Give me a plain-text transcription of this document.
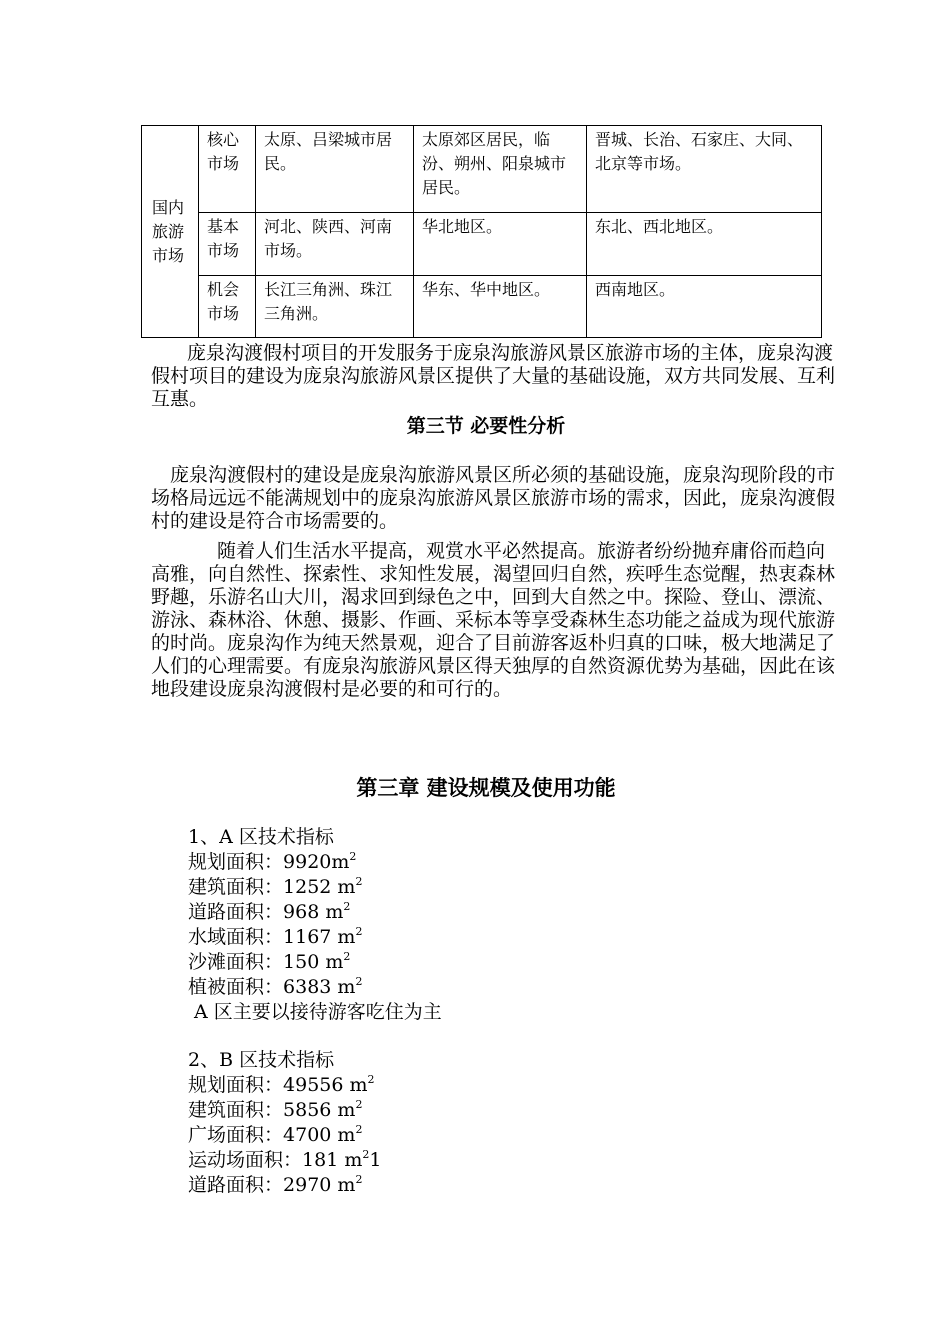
国内旅游市场	核心市场	太原、吕梁城市居民。	太原郊区居民，临汾、朔州、阳泉城市居民。	晋城、长治、石家庄、大同、北京等市场。
	基本市场	河北、陕西、河南市场。	华北地区。	东北、西北地区。
	机会市场	长江三角洲、珠江三角洲。	华东、华中地区。	西南地区。

庞泉沟渡假村项目的开发服务于庞泉沟旅游风景区旅游市场的主体，庞泉沟渡假村项目的建设为庞泉沟旅游风景区提供了大量的基础设施，双方共同发展、互利互惠。

第三节 必要性分析

庞泉沟渡假村的建设是庞泉沟旅游风景区所必须的基础设施，庞泉沟现阶段的市场格局远远不能满规划中的庞泉沟旅游风景区旅游市场的需求，因此，庞泉沟渡假村的建设是符合市场需要的。

随着人们生活水平提高，观赏水平必然提高。旅游者纷纷抛弃庸俗而趋向高雅，向自然性、探索性、求知性发展，渴望回归自然，疾呼生态觉醒，热衷森林野趣，乐游名山大川，渴求回到绿色之中，回到大自然之中。探险、登山、漂流、游泳、森林浴、休憩、摄影、作画、采标本等享受森林生态功能之益成为现代旅游的时尚。庞泉沟作为纯天然景观，迎合了目前游客返朴归真的口味，极大地满足了人们的心理需要。有庞泉沟旅游风景区得天独厚的自然资源优势为基础，因此在该地段建设庞泉沟渡假村是必要的和可行的。

第三章 建设规模及使用功能
1、A 区技术指标
规划面积：$9920m^2$
建筑面积：1252 $m^2$
道路面积：968 $m^2$
水域面积：1167 $m^2$
沙滩面积：150 $m^2$
植被面积：6383 $m^2$
A 区主要以接待游客吃住为主
2、B 区技术指标
规划面积：49556 $m^2$
建筑面积：5856 $m^2$
广场面积：4700 $m^2$
运动场面积：181 $m^21$
道路面积：2970 $m^2$
